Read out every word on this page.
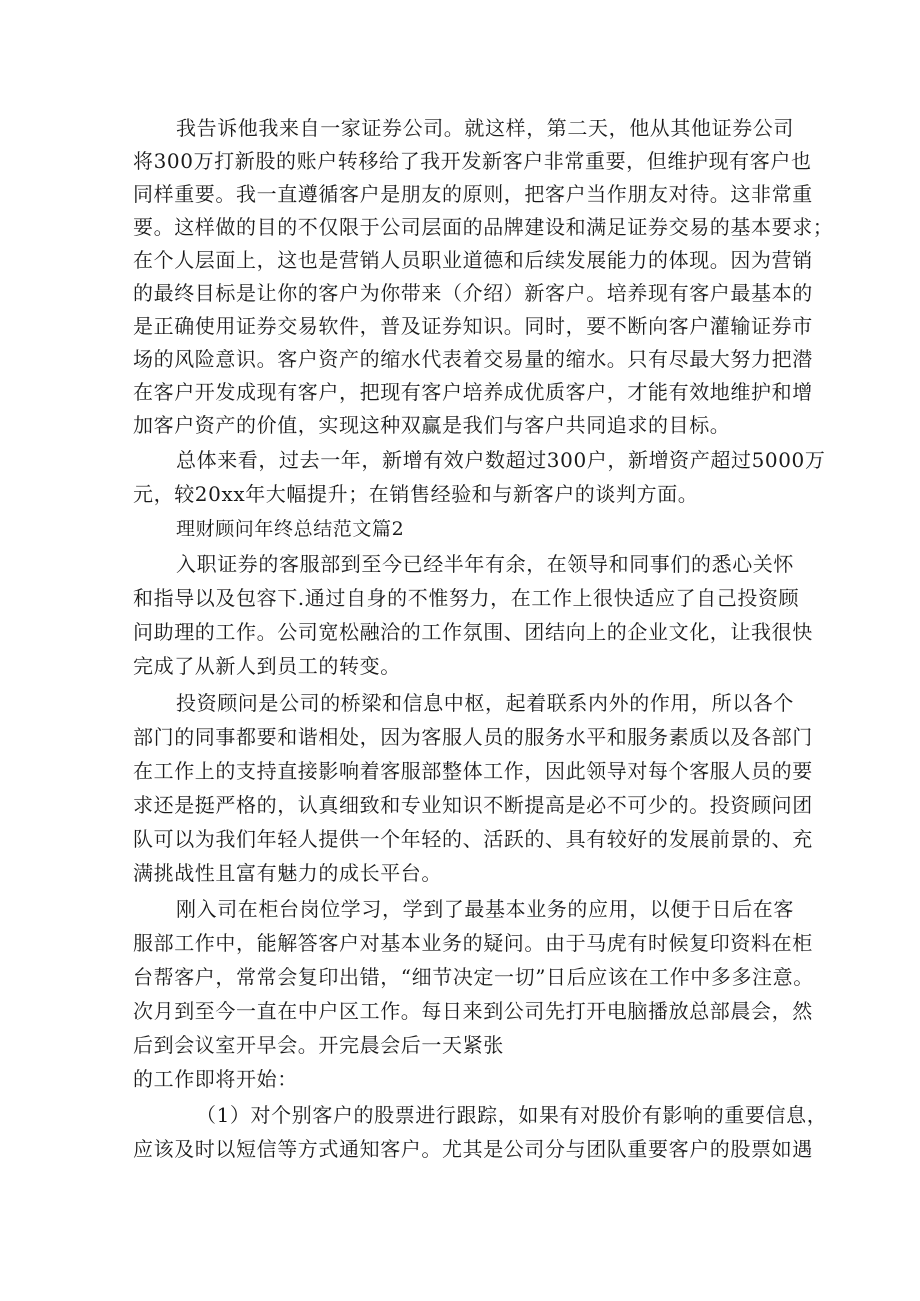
我告诉他我来自一家证券公司。就这样，第二天，他从其他证券公司

将300万打新股的账户转移给了我开发新客户非常重要，但维护现有客户也

同样重要。我一直遵循客户是朋友的原则，把客户当作朋友对待。这非常重

要。这样做的目的不仅限于公司层面的品牌建设和满足证券交易的基本要求；

在个人层面上，这也是营销人员职业道德和后续发展能力的体现。因为营销

的最终目标是让你的客户为你带来（介绍）新客户。培养现有客户最基本的

是正确使用证券交易软件，普及证券知识。同时，要不断向客户灌输证券市

场的风险意识。客户资产的缩水代表着交易量的缩水。只有尽最大努力把潜

在客户开发成现有客户，把现有客户培养成优质客户，才能有效地维护和增

加客户资产的价值，实现这种双赢是我们与客户共同追求的目标。

总体来看，过去一年，新增有效户数超过300户，新增资产超过5000万

元，较20xx年大幅提升；在销售经验和与新客户的谈判方面。

理财顾问年终总结范文篇2

入职证券的客服部到至今已经半年有余，在领导和同事们的悉心关怀

和指导以及包容下.通过自身的不惟努力，在工作上很快适应了自己投资顾

问助理的工作。公司宽松融洽的工作氛围、团结向上的企业文化，让我很快

完成了从新人到员工的转变。

投资顾问是公司的桥梁和信息中枢，起着联系内外的作用，所以各个

部门的同事都要和谐相处，因为客服人员的服务水平和服务素质以及各部门

在工作上的支持直接影响着客服部整体工作，因此领导对每个客服人员的要

求还是挺严格的，认真细致和专业知识不断提高是必不可少的。投资顾问团

队可以为我们年轻人提供一个年轻的、活跃的、具有较好的发展前景的、充

满挑战性且富有魅力的成长平台。

刚入司在柜台岗位学习，学到了最基本业务的应用，以便于日后在客

服部工作中，能解答客户对基本业务的疑问。由于马虎有时候复印资料在柜

台帮客户，常常会复印出错，“细节决定一切”日后应该在工作中多多注意。

次月到至今一直在中户区工作。每日来到公司先打开电脑播放总部晨会，然

后到会议室开早会。开完晨会后一天紧张

的工作即将开始：

（1）对个别客户的股票进行跟踪，如果有对股价有影响的重要信息，

应该及时以短信等方式通知客户。尤其是公司分与团队重要客户的股票如遇
